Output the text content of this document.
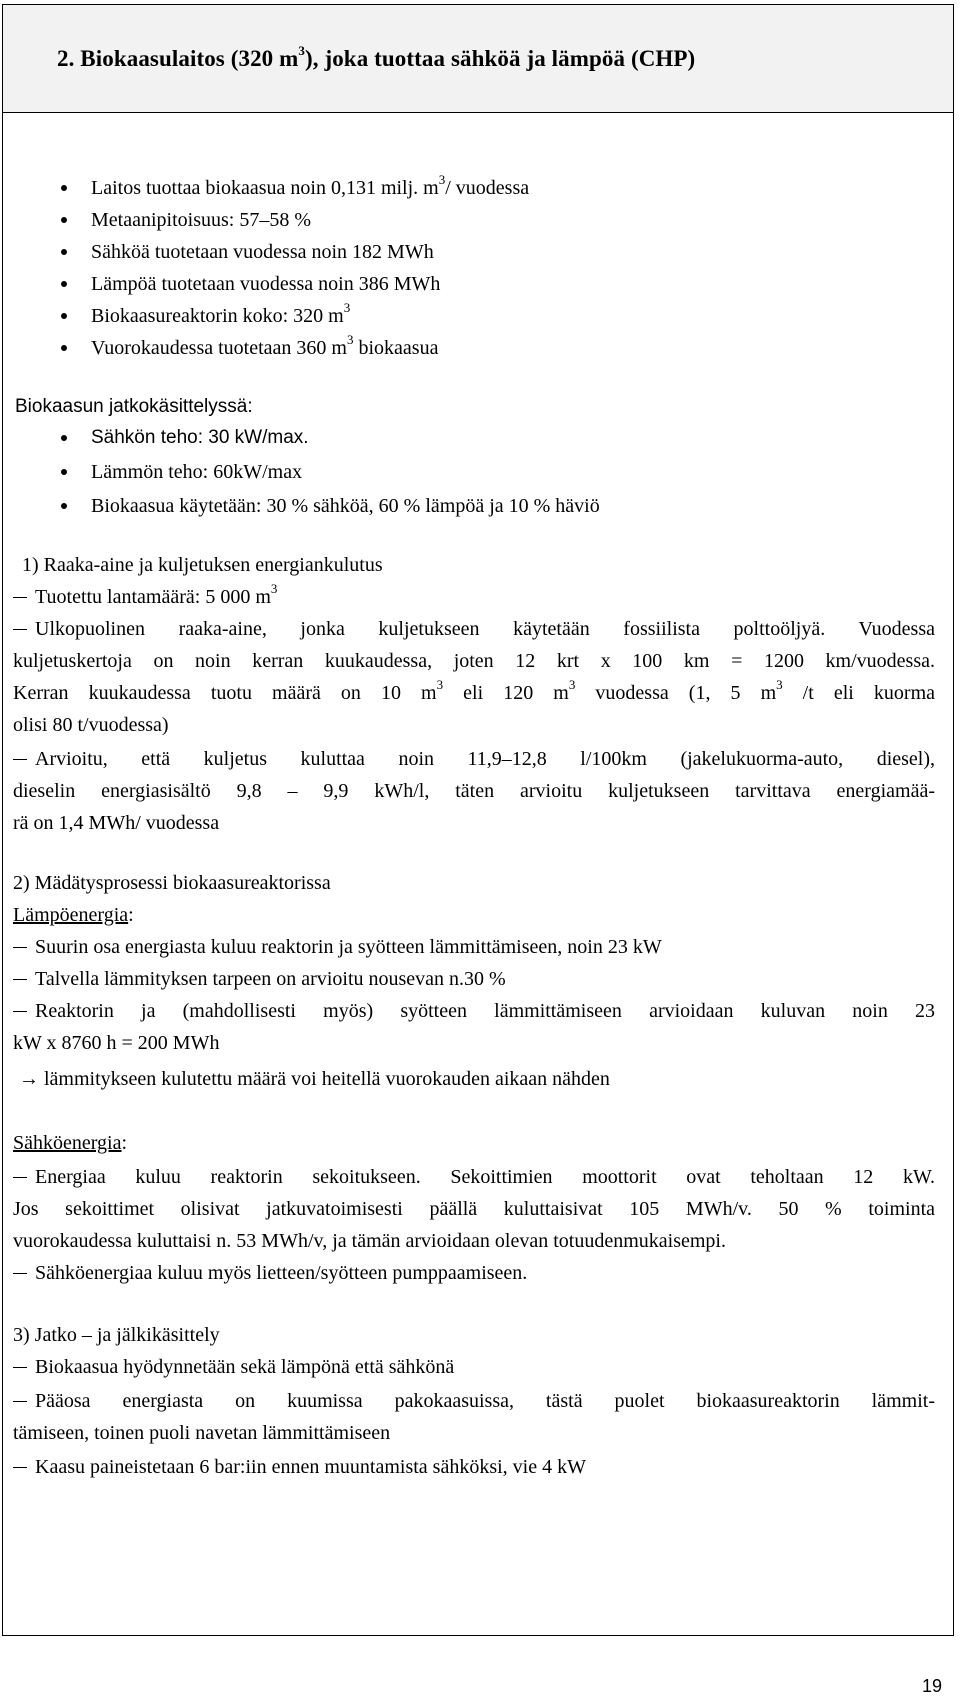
2. Biokaasulaitos (320 $m^3$), joka tuottaa sähköä ja lämpöä (CHP)
Laitos tuottaa biokaasua noin 0,131 milj. $m^3/$ vuodessa
Metaanipitoisuus: 57–58 %
Sähköä tuotetaan vuodessa noin 182 MWh
Lämpöä tuotetaan vuodessa noin 386 MWh
Biokaasureaktorin koko: 320 $m^3$
Vuorokaudessa tuotetaan 360 $m^3$ biokaasua
Biokaasun jatkokäsittelyssä:
Sähkön teho: 30 kW/max.
Lämmön teho: 60kW/max
Biokaasua käytetään: 30 % sähköä, 60 % lämpöä ja 10 % häviö
1) Raaka-aine ja kuljetuksen energiankulutus
Tuotettu lantamäärä: 5 000 $m^3$
Ulkopuolinen raaka-aine, jonka kuljetukseen käytetään fossiilista polttoöljyä. Vuodessa
kuljetuskertoja on noin kerran kuukaudessa, joten 12 krt x 100 km = 1200 km/vuodessa.
Kerran kuukaudessa tuotu määrä on 10 $m^3$ eli 120 $m^3$ vuodessa (1, 5 $m^3$ /t eli kuorma
olisi 80 t/vuodessa)
Arvioitu, että kuljetus kuluttaa noin 11,9–12,8 l/100km (jakelukuorma-auto, diesel),
dieselin energiasisältö 9,8 – 9,9 kWh/l, täten arvioitu kuljetukseen tarvittava energiamää-
rä on 1,4 MWh/ vuodessa
2) Mädätysprosessi biokaasureaktorissa
Lämpöenergia:
Suurin osa energiasta kuluu reaktorin ja syötteen lämmittämiseen, noin 23 kW
Talvella lämmityksen tarpeen on arvioitu nousevan n.30 %
Reaktorin ja (mahdollisesti myös) syötteen lämmittämiseen arvioidaan kuluvan noin 23
kW x 8760 h = 200 MWh
→ lämmitykseen kulutettu määrä voi heitellä vuorokauden aikaan nähden
Sähköenergia:
Energiaa kuluu reaktorin sekoitukseen. Sekoittimien moottorit ovat teholtaan 12 kW.
Jos sekoittimet olisivat jatkuvatoimisesti päällä kuluttaisivat 105 MWh/v. 50 % toiminta
vuorokaudessa kuluttaisi n. 53 MWh/v, ja tämän arvioidaan olevan totuudenmukaisempi.
Sähköenergiaa kuluu myös lietteen/syötteen pumppaamiseen.
3) Jatko – ja jälkikäsittely
Biokaasua hyödynnetään sekä lämpönä että sähkönä
Pääosa energiasta on kuumissa pakokaasuissa, tästä puolet biokaasureaktorin lämmit-
tämiseen, toinen puoli navetan lämmittämiseen
Kaasu paineistetaan 6 bar:iin ennen muuntamista sähköksi, vie 4 kW
19
